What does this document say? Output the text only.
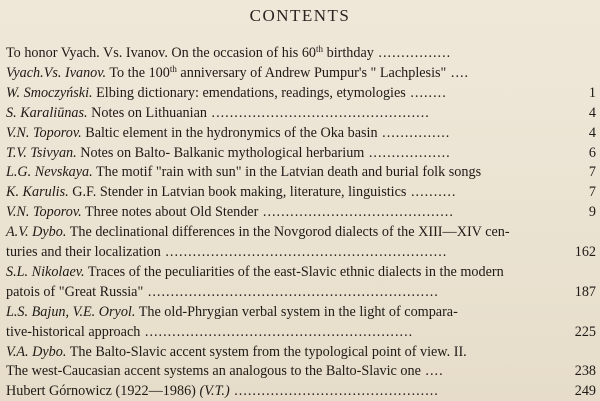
CONTENTS
To honor Vyach. Vs. Ivanov. On the occasion of his 60th birthday ................
Vyach.Vs. Ivanov. To the 100th anniversary of Andrew Pumpur's " Lachplesis" ....
W. Smoczyński. Elbing dictionary: emendations, readings, etymologies ........	1
S. Karaliūnas. Notes on Lithuanian ................................................	4
V.N. Toporov. Baltic element in the hydronymics of the Oka basin ...............	4
T.V. Tsivyan. Notes on Balto- Balkanic mythological herbarium ..................	6
L.G. Nevskaya. The motif "rain with sun" in the Latvian death and burial folk songs	7
K. Karulis. G.F. Stender in Latvian book making, literature, linguistics ..........	7
V.N. Toporov. Three notes about Old Stender ..........................................	9
A.V. Dybo. The declinational differences in the Novgorod dialects of the XIII—XIV cen-
turies and their localization ..............................................................	162
S.L. Nikolaev. Traces of the peculiarities of the east-Slavic ethnic dialects in the modern
patois of "Great Russia" ................................................................	187
L.S. Bajun, V.E. Oryol. The old-Phrygian verbal system in the light of compara-
tive-historical approach ...........................................................	225
V.A. Dybo. The Balto-Slavic accent system from the typological point of view. II.
The west-Caucasian accent systems an analogous to the Balto-Slavic one ....	238
Hubert Górnowicz (1922—1986) (V.T.) .............................................	249
